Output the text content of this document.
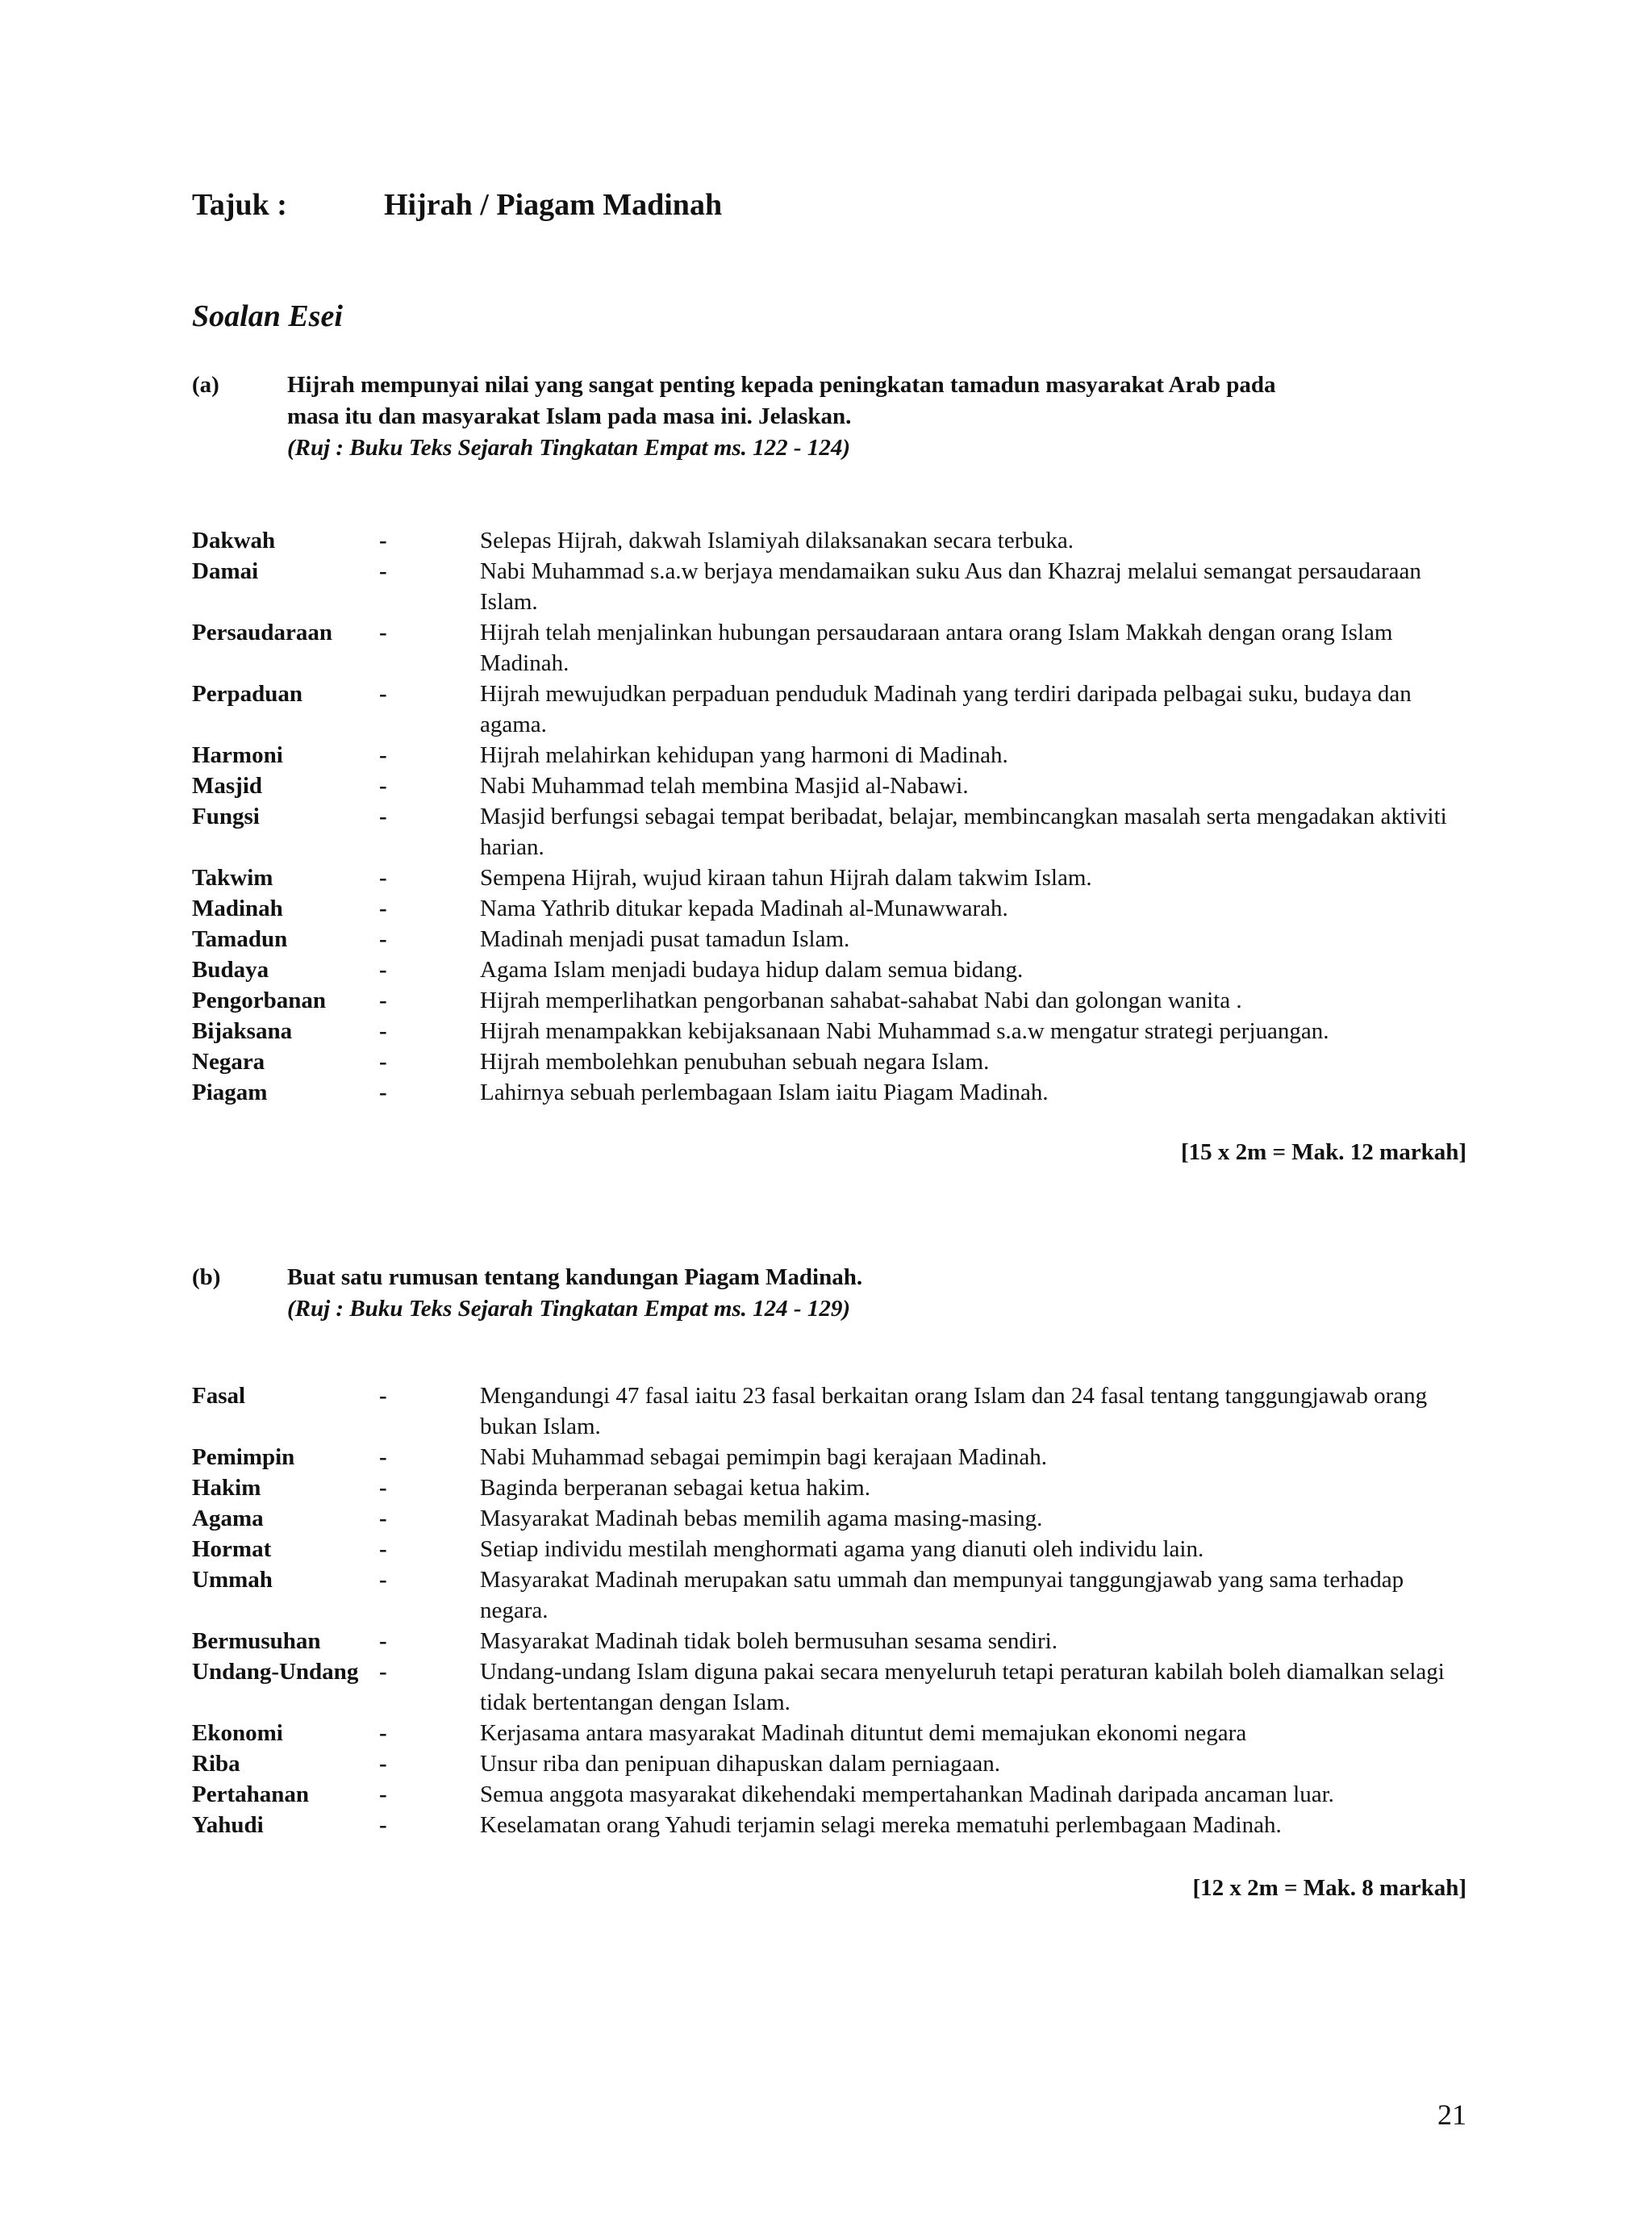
Tajuk :	Hijrah / Piagam Madinah
Soalan Esei
(a)	Hijrah mempunyai nilai yang sangat penting kepada peningkatan tamadun masyarakat Arab pada
masa itu dan masyarakat Islam pada masa ini. Jelaskan.
(Ruj : Buku Teks Sejarah Tingkatan Empat ms. 122 - 124)
Dakwah	-	Selepas Hijrah, dakwah Islamiyah dilaksanakan secara terbuka.
Damai	-	Nabi Muhammad s.a.w berjaya mendamaikan suku Aus dan Khazraj melalui semangat persaudaraan Islam.
Persaudaraan	-	Hijrah telah menjalinkan hubungan persaudaraan antara orang Islam Makkah dengan orang Islam Madinah.
Perpaduan	-	Hijrah mewujudkan perpaduan penduduk Madinah yang terdiri daripada pelbagai suku, budaya dan agama.
Harmoni	-	Hijrah melahirkan kehidupan yang harmoni di Madinah.
Masjid	-	Nabi Muhammad telah membina Masjid al-Nabawi.
Fungsi	-	Masjid berfungsi sebagai tempat beribadat, belajar, membincangkan masalah serta mengadakan aktiviti harian.
Takwim	-	Sempena Hijrah, wujud kiraan tahun Hijrah dalam takwim Islam.
Madinah	-	Nama Yathrib ditukar kepada Madinah al-Munawwarah.
Tamadun	-	Madinah menjadi pusat tamadun Islam.
Budaya	-	Agama Islam menjadi budaya hidup dalam semua bidang.
Pengorbanan	-	Hijrah memperlihatkan pengorbanan sahabat-sahabat Nabi dan golongan wanita .
Bijaksana	-	Hijrah menampakkan kebijaksanaan Nabi Muhammad s.a.w mengatur strategi perjuangan.
Negara	-	Hijrah membolehkan penubuhan sebuah negara Islam.
Piagam	-	Lahirnya sebuah perlembagaan Islam iaitu Piagam Madinah.
[15 x 2m = Mak. 12 markah]
(b)	Buat satu rumusan tentang kandungan Piagam Madinah.
(Ruj : Buku Teks Sejarah Tingkatan Empat ms. 124 - 129)
Fasal	-	Mengandungi 47 fasal iaitu 23 fasal berkaitan orang Islam dan 24 fasal tentang tanggungjawab orang bukan Islam.
Pemimpin	-	Nabi Muhammad sebagai pemimpin bagi kerajaan Madinah.
Hakim	-	Baginda berperanan sebagai ketua hakim.
Agama	-	Masyarakat Madinah bebas memilih agama masing-masing.
Hormat	-	Setiap individu mestilah menghormati agama yang dianuti oleh individu lain.
Ummah	-	Masyarakat Madinah merupakan satu ummah dan mempunyai tanggungjawab yang sama terhadap negara.
Bermusuhan	-	Masyarakat Madinah tidak boleh bermusuhan sesama sendiri.
Undang-Undang -	Undang-undang Islam diguna pakai secara menyeluruh tetapi peraturan kabilah boleh diamalkan selagi tidak bertentangan dengan Islam.
Ekonomi	-	Kerjasama antara masyarakat Madinah dituntut demi memajukan ekonomi negara
Riba	-	Unsur riba dan penipuan dihapuskan dalam perniagaan.
Pertahanan	-	Semua anggota masyarakat dikehendaki mempertahankan Madinah daripada ancaman luar.
Yahudi	-	Keselamatan orang Yahudi terjamin selagi mereka mematuhi perlembagaan Madinah.
[12 x 2m = Mak. 8 markah]
21
